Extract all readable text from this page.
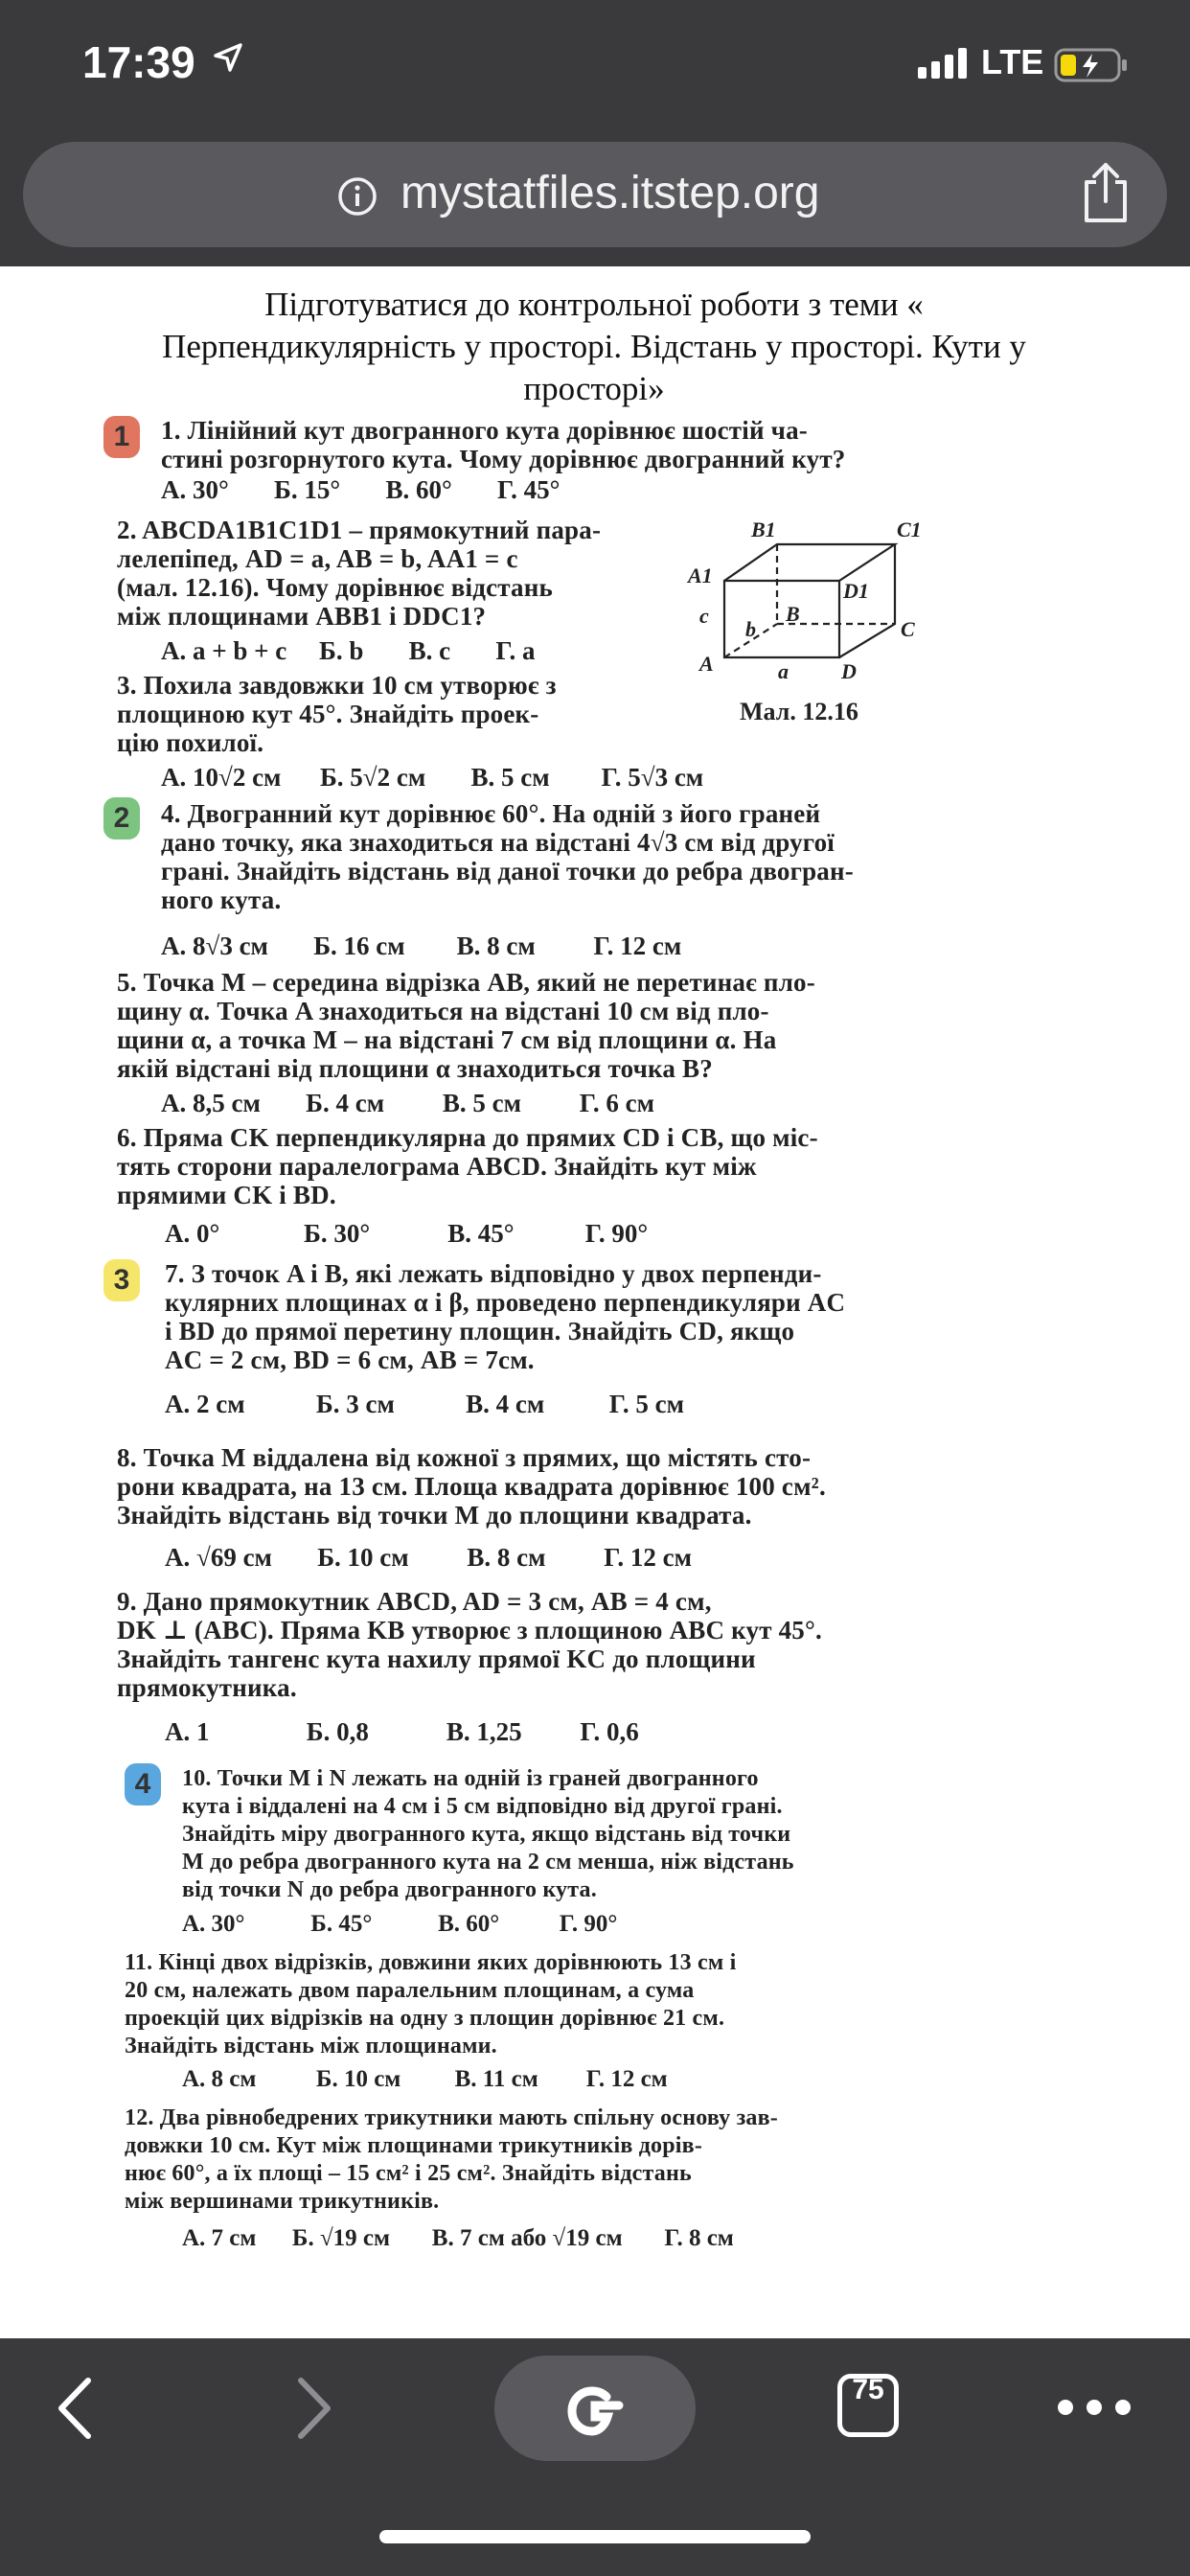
17:39	LTE
mystatfiles.itstep.org
Підготуватися до контрольної роботи з теми «
Перпендикулярність у просторі. Відстань у просторі. Кути у
просторі»
1
2
3
4
1. Лінійний кут двогранного кута дорівнює шостій ча-
стині розгорнутого кута. Чому дорівнює двогранний кут?
А. 30°       Б. 15°       В. 60°       Г. 45°
2. ABCDA1B1C1D1 – прямокутний пара-
лелепіпед, AD = a, AB = b, AA1 = c
(мал. 12.16). Чому дорівнює відстань
між площинами ABB1 і DDC1?
А. a + b + c     Б. b       В. c       Г. a
B1	C1
A1
D1
B
C
A	D
a
b
c
Мал. 12.16
3. Похила завдовжки 10 см утворює з
площиною кут 45°. Знайдіть проек-
цію похилої.
А. 10√2 см      Б. 5√2 см       В. 5 см        Г. 5√3 см
4. Двогранний кут дорівнює 60°. На одній з його граней
дано точку, яка знаходиться на відстані 4√3 см від другої
грані. Знайдіть відстань від даної точки до ребра двогран-
ного кута.
А. 8√3 см       Б. 16 см        В. 8 см         Г. 12 см
5. Точка M – середина відрізка AB, який не перетинає пло-
щину α. Точка A знаходиться на відстані 10 см від пло-
щини α, а точка M – на відстані 7 см від площини α. На
якій відстані від площини α знаходиться точка B?
А. 8,5 см       Б. 4 см         В. 5 см         Г. 6 см
6. Пряма CK перпендикулярна до прямих CD і CB, що міс-
тять сторони паралелограма ABCD. Знайдіть кут між
прямими CK і BD.
А. 0°             Б. 30°            В. 45°           Г. 90°
7. З точок A і B, які лежать відповідно у двох перпенди-
кулярних площинах α і β, проведено перпендикуляри AC
і BD до прямої перетину площин. Знайдіть CD, якщо
AC = 2 см, BD = 6 см, AB = 7см.
А. 2 см           Б. 3 см           В. 4 см          Г. 5 см
8. Точка M віддалена від кожної з прямих, що містять сто-
рони квадрата, на 13 см. Площа квадрата дорівнює 100 см².
Знайдіть відстань від точки M до площини квадрата.
А. √69 см       Б. 10 см         В. 8 см         Г. 12 см
9. Дано прямокутник ABCD, AD = 3 см, AB = 4 см,
DK ⊥ (ABC). Пряма KB утворює з площиною ABC кут 45°.
Знайдіть тангенс кута нахилу прямої KC до площини
прямокутника.
А. 1               Б. 0,8            В. 1,25         Г. 0,6
10. Точки M і N лежать на одній із граней двогранного
кута і віддалені на 4 см і 5 см відповідно від другої грані.
Знайдіть міру двогранного кута, якщо відстань від точки
M до ребра двогранного кута на 2 см менша, ніж відстань
від точки N до ребра двогранного кута.
А. 30°           Б. 45°           В. 60°          Г. 90°
11. Кінці двох відрізків, довжини яких дорівнюють 13 см і
20 см, належать двом паралельним площинам, а сума
проекцій цих відрізків на одну з площин дорівнює 21 см.
Знайдіть відстань між площинами.
А. 8 см          Б. 10 см         В. 11 см        Г. 12 см
12. Два рівнобедрених трикутники мають спільну основу зав-
довжки 10 см. Кут між площинами трикутників дорів-
нює 60°, а їх площі – 15 см² і 25 см². Знайдіть відстань
між вершинами трикутників.
А. 7 см      Б. √19 см       В. 7 см або √19 см       Г. 8 см
75
